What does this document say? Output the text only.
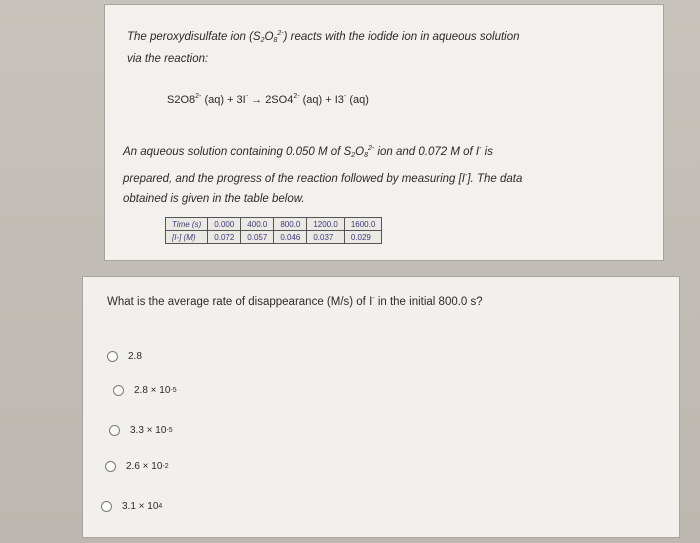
The peroxydisulfate ion $(S_2O_8^{2-})$ reacts with the iodide ion in aqueous solution
via the reaction:
$S2O8^{2-}$ $(aq) + 3I^- \to 2SO4^{2-}$ (aq) + I3- (aq)
An aqueous solution containing 0.050 M of $S_2O_8^{2-}$ ion and 0.072 M of I- is
prepared, and the progress of the reaction followed by measuring [I-]. The data
obtained is given in the table below.
Time (s)	0.000	400.0	800.0	1200.0	1600.0
[I-] (M)	0.072	0.057	0.046	0.037	0.029
What is the average rate of disappearance (M/s) of I- in the initial 800.0 s?
2.8
2.8 × 10 -5
3.3 × 10 -5
2.6 × 10 -2
3.1 × 10 4
